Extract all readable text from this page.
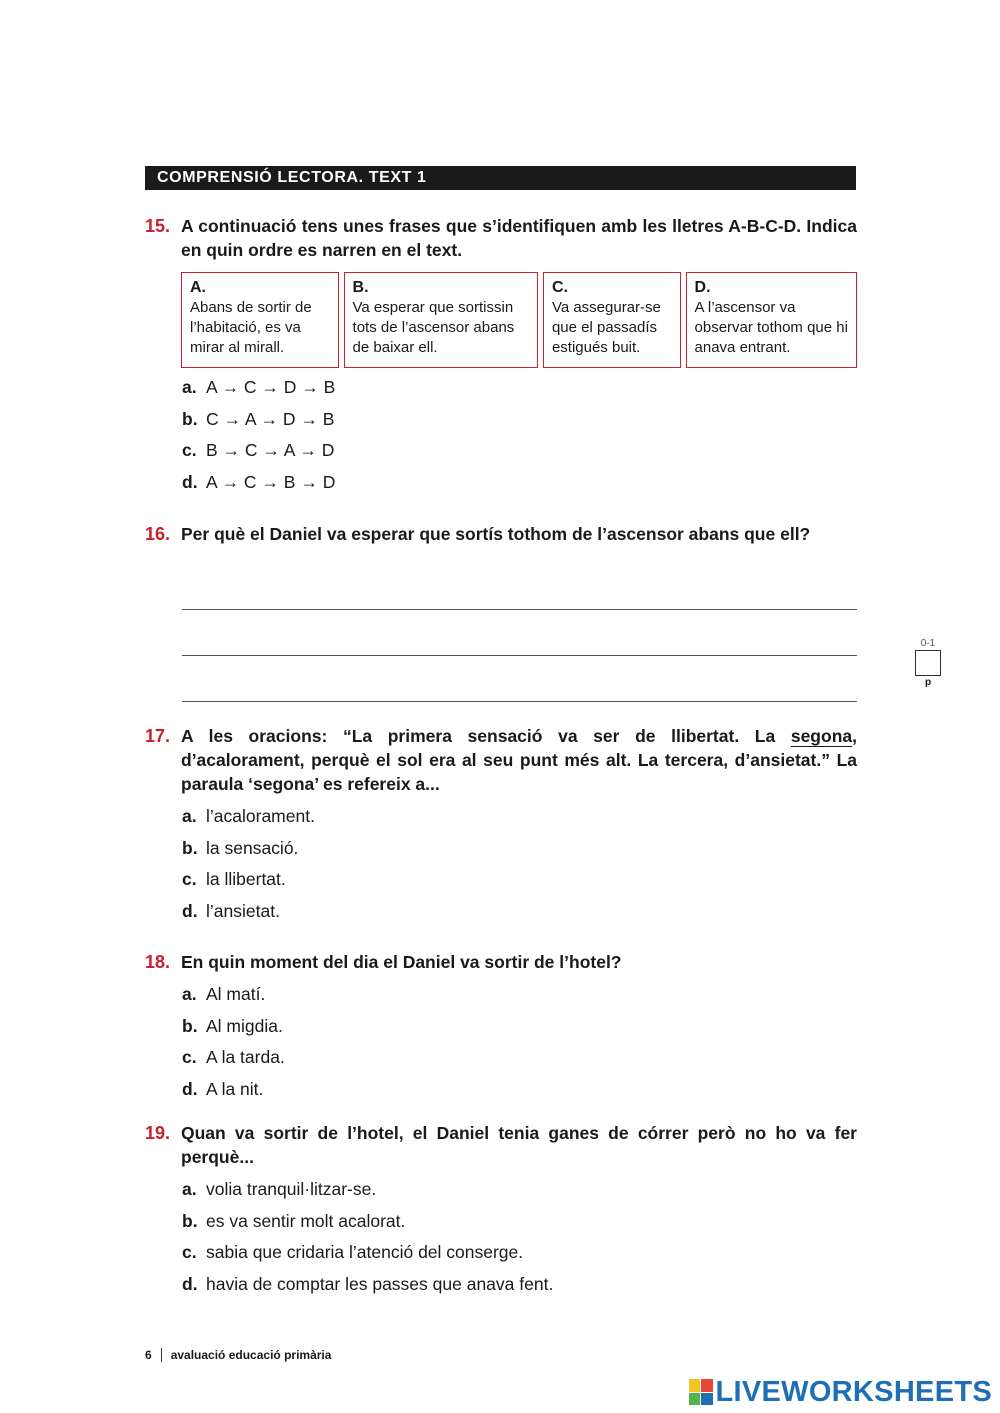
COMPRENSIÓ LECTORA. TEXT 1
15. A continuació tens unes frases que s’identifiquen amb les lletres A-B-C-D. Indica en quin ordre es narren en el text.
A.
Abans de sortir de l’habitació, es va mirar al mirall.
B.
Va esperar que sortissin tots de l’ascensor abans de baixar ell.
C.
Va assegurar-se que el passadís estigués buit.
D.
A l’ascensor va observar tothom que hi anava entrant.
a. A → C → D → B
b. C → A → D → B
c. B → C → A → D
d. A → C → B → D
16. Per què el Daniel va esperar que sortís tothom de l’ascensor abans que ell?
0-1
p
17. A les oracions: “La primera sensació va ser de llibertat. La segona, d’acalorament, perquè el sol era al seu punt més alt. La tercera, d’ansietat.” La paraula ‘segona’ es refereix a...
a. l’acalorament.
b. la sensació.
c. la llibertat.
d. l’ansietat.
18. En quin moment del dia el Daniel va sortir de l’hotel?
a. Al matí.
b. Al migdia.
c. A la tarda.
d. A la nit.
19. Quan va sortir de l’hotel, el Daniel tenia ganes de córrer però no ho va fer perquè...
a. volia tranquil·litzar-se.
b. es va sentir molt acalorat.
c. sabia que cridaria l’atenció del conserge.
d. havia de comptar les passes que anava fent.
6 avaluació educació primària
LIVEWORKSHEETS
